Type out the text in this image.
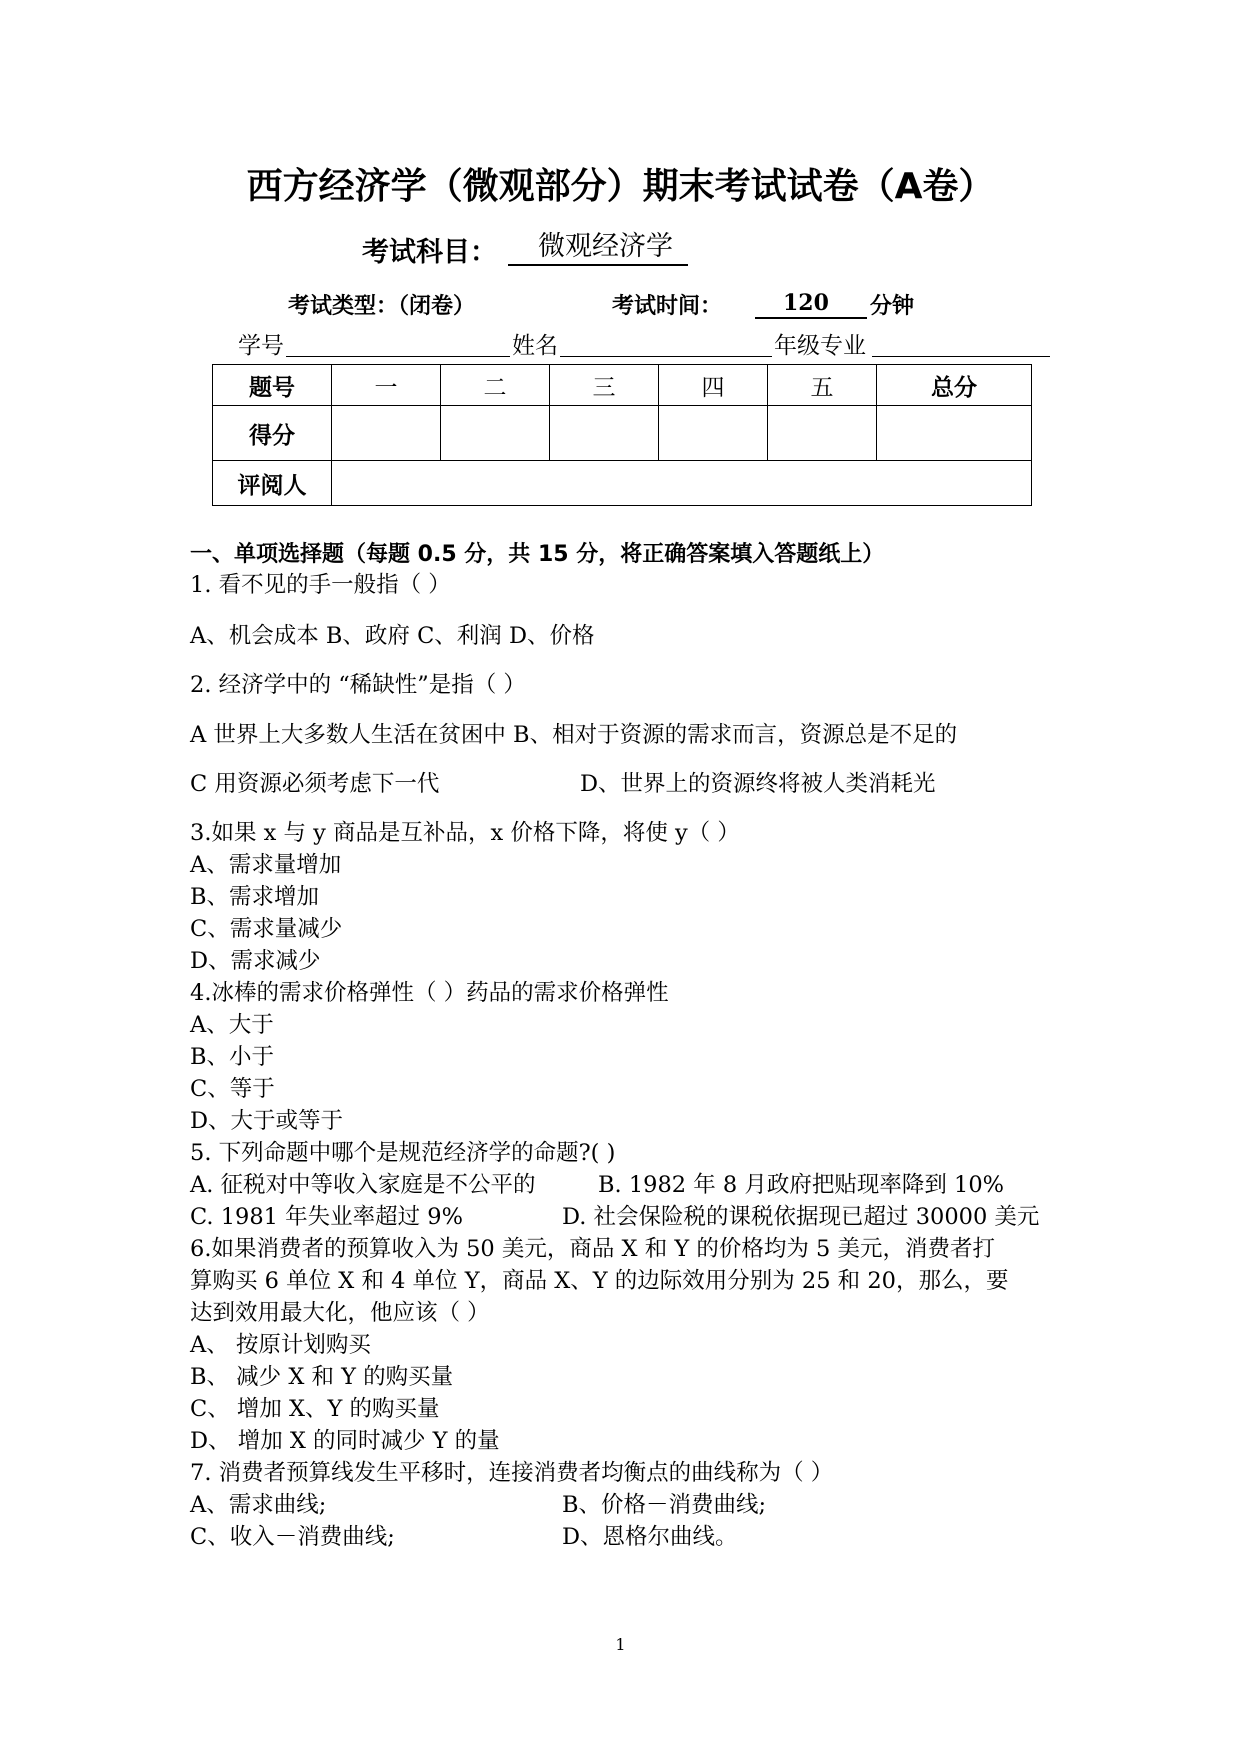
西方经济学（微观部分）期末考试试卷（A卷）
考试科目：	微观经济学
考试类型：（闭卷）	考试时间：	120	分钟
学号	姓名	年级专业
题号	一	二	三	四	五	总分
得分						
评阅人						
一、单项选择题（每题 0.5 分，共 15 分，将正确答案填入答题纸上）
1. 看不见的手一般指（ ）
A、机会成本 B、政府 C、利润 D、价格
2. 经济学中的 “稀缺性”是指（ ）
A 世界上大多数人生活在贫困中 B、相对于资源的需求而言，资源总是不足的
C 用资源必须考虑下一代	D、世界上的资源终将被人类消耗光
3.如果 x 与 y 商品是互补品，x 价格下降，将使 y（ ）
A、需求量增加
B、需求增加
C、需求量减少
D、需求减少
4.冰棒的需求价格弹性（ ）药品的需求价格弹性
A、大于
B、小于
C、等于
D、大于或等于
5. 下列命题中哪个是规范经济学的命题?( )
A. 征税对中等收入家庭是不公平的	B. 1982 年 8 月政府把贴现率降到 10%
C. 1981 年失业率超过 9%	D. 社会保险税的课税依据现已超过 30000 美元
6.如果消费者的预算收入为 50 美元，商品 X 和 Y 的价格均为 5 美元，消费者打
算购买 6 单位 X 和 4 单位 Y，商品 X、Y 的边际效用分别为 25 和 20，那么，要
达到效用最大化，他应该（ ）
A、 按原计划购买
B、 减少 X 和 Y 的购买量
C、 增加 X、Y 的购买量
D、 增加 X 的同时减少 Y 的量
7. 消费者预算线发生平移时，连接消费者均衡点的曲线称为（ ）
A、需求曲线;	B、价格－消费曲线;
C、收入－消费曲线;	D、恩格尔曲线。
1
